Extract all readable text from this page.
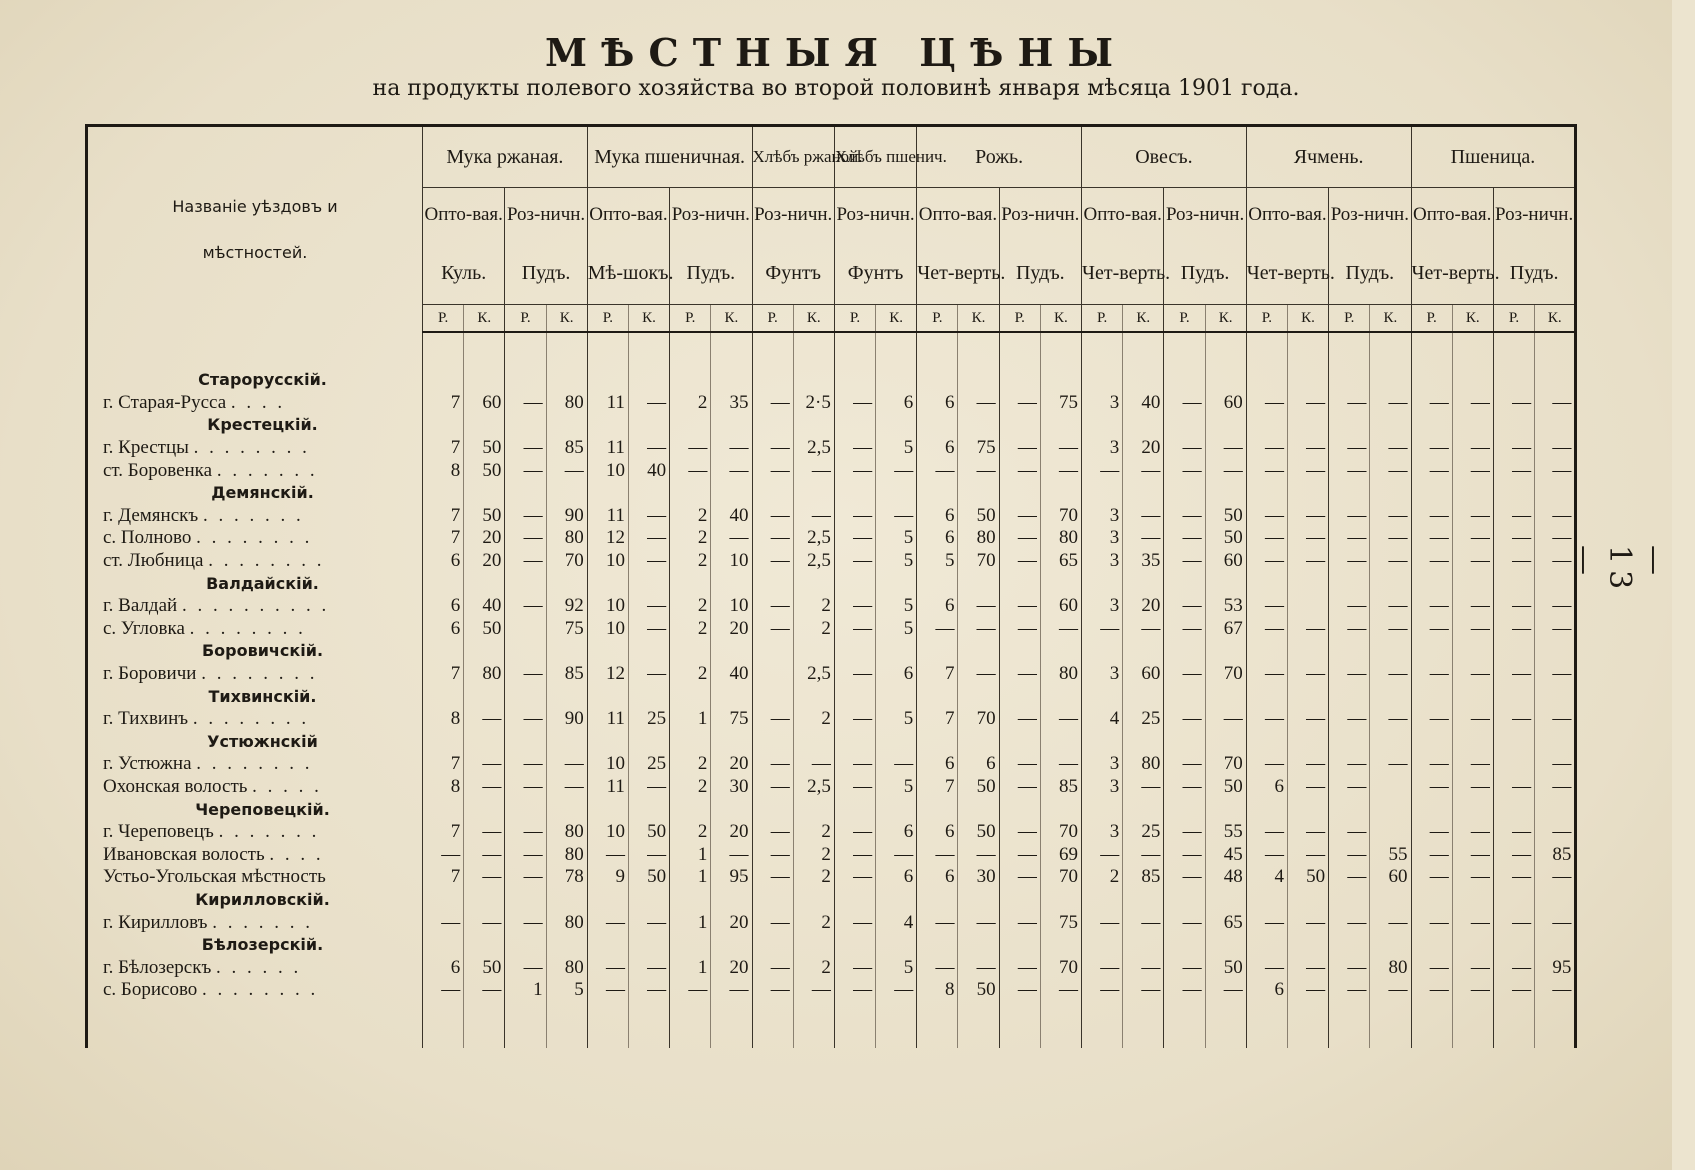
МѢСТНЫЯ ЦѢНЫ
на продукты полевого хозяйства во второй половинѣ января мѣсяца 1901 года.
— 13 —
Названіе уѣздовъ и мѣстностей.	Мука ржаная.				Мука пшеничная.				Хлѣбъ ржаной.		Хлѣбъ пшенич.		Рожь.				Овесъ.				Ячмень.				Пшеница.			
	Опто-вая.		Роз-ничн.		Опто-вая.		Роз-ничн.		Роз-ничн.		Роз-ничн.		Опто-вая.		Роз-ничн.		Опто-вая.		Роз-ничн.		Опто-вая.		Роз-ничн.		Опто-вая.		Роз-ничн.	
	Куль.		Пудъ.		Мѣ-шокъ.		Пудъ.		Фунтъ		Фунтъ		Чет-верть.		Пудъ.		Чет-верть.		Пудъ.		Чет-верть.		Пудъ.		Чет-верть.		Пудъ.	
	Р.	К.	Р.	К.	Р.	К.	Р.	К.	Р.	К.	Р.	К.	Р.	К.	Р.	К.	Р.	К.	Р.	К.	Р.	К.	Р.	К.	Р.	К.	Р.	К.

Старорусскій.																												
г. Старая-Русса . . . .	7	60	—	80	11	—	2	35	—	2·5	—	6	6	—	—	75	3	40	—	60	—	—	—	—	—	—	—	—
Крестецкій.																												
г. Крестцы . . . . . . . .	7	50	—	85	11	—	—	—	—	2,5	—	5	6	75	—	—	3	20	—	—	—	—	—	—	—	—	—	—
ст. Боровенка . . . . . . .	8	50	—	—	10	40	—	—	—	—	—	—	—	—	—	—	—	—	—	—	—	—	—	—	—	—	—	—
Демянскій.																												
г. Демянскъ . . . . . . .	7	50	—	90	11	—	2	40	—	—	—	—	6	50	—	70	3	—	—	50	—	—	—	—	—	—	—	—
с. Полново . . . . . . . .	7	20	—	80	12	—	2	—	—	2,5	—	5	6	80	—	80	3	—	—	50	—	—	—	—	—	—	—	—
ст. Любница . . . . . . . .	6	20	—	70	10	—	2	10	—	2,5	—	5	5	70	—	65	3	35	—	60	—	—	—	—	—	—	—	—
Валдайскій.																												
г. Валдай . . . . . . . . . .	6	40	—	92	10	—	2	10	—	2	—	5	6	—	—	60	3	20	—	53	—		—	—	—	—	—	—
с. Угловка . . . . . . . .	6	50		75	10	—	2	20	—	2	—	5	—	—	—	—	—	—	—	67	—	—	—	—	—	—	—	—
Боровичскій.																												
г. Боровичи . . . . . . . .	7	80	—	85	12	—	2	40		2,5	—	6	7	—	—	80	3	60	—	70	—	—	—	—	—	—	—	—
Тихвинскій.																												
г. Тихвинъ . . . . . . . .	8	—	—	90	11	25	1	75	—	2	—	5	7	70	—	—	4	25	—	—	—	—	—	—	—	—	—	—
Устюжнскій																												
г. Устюжна . . . . . . . .	7	—	—	—	10	25	2	20	—	—	—	—	6	6	—	—	3	80	—	70	—	—	—	—	—	—		—
Охонская волость . . . . .	8	—	—	—	11	—	2	30	—	2,5	—	5	7	50	—	85	3	—	—	50	6	—	—		—	—	—	—
Череповецкій.																												
г. Череповецъ . . . . . . .	7	—	—	80	10	50	2	20	—	2	—	6	6	50	—	70	3	25	—	55	—	—	—		—	—	—	—
Ивановская волость . . . .	—	—	—	80	—	—	1	—	—	2	—	—	—	—	—	69	—	—	—	45	—	—	—	55	—	—	—	85
Устьо-Угольская мѣстность	7	—	—	78	9	50	1	95	—	2	—	6	6	30	—	70	2	85	—	48	4	50	—	60	—	—	—	—
Кирилловскій.																												
г. Кирилловъ . . . . . . .	—	—	—	80	—	—	1	20	—	2	—	4	—	—	—	75	—	—	—	65	—	—	—	—	—	—	—	—
Бѣлозерскій.																												
г. Бѣлозерскъ . . . . . .	6	50	—	80	—	—	1	20	—	2	—	5	—	—	—	70	—	—	—	50	—	—	—	80	—	—	—	95
с. Борисово . . . . . . . .	—	—	1	5	—	—	—	—	—	—	—	—	8	50	—	—	—	—	—	—	6	—	—	—	—	—	—	—
